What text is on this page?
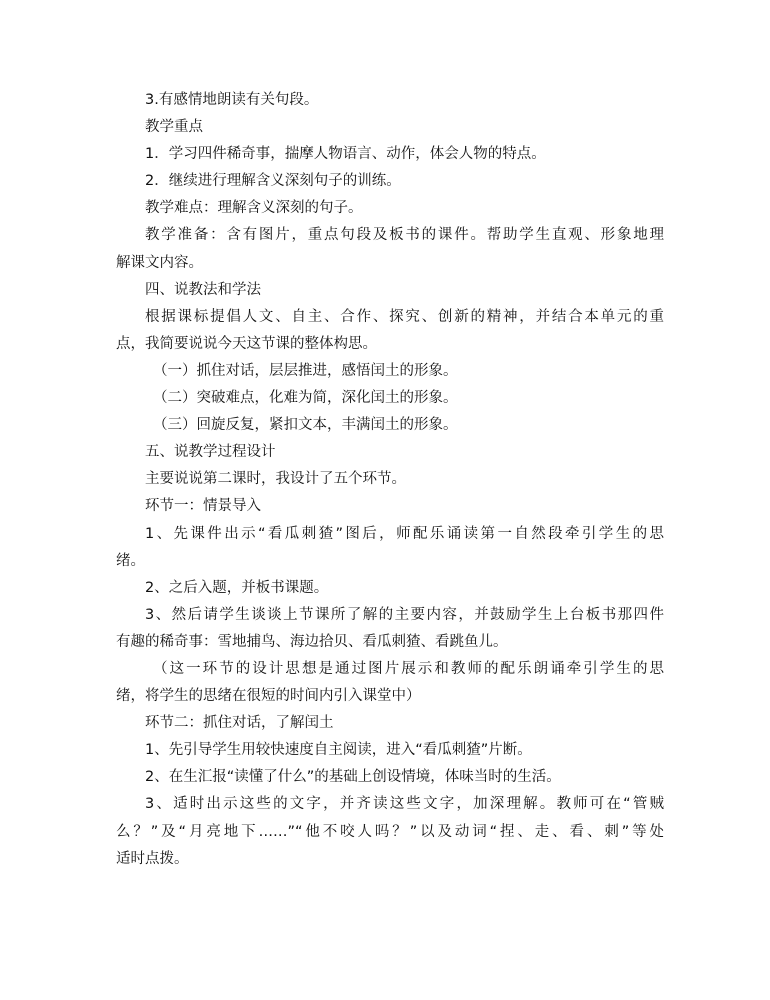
3.有感情地朗读有关句段。
教学重点
1．学习四件稀奇事，揣摩人物语言、动作，体会人物的特点。
2．继续进行理解含义深刻句子的训练。
教学难点：理解含义深刻的句子。
教学准备：含有图片，重点句段及板书的课件。帮助学生直观、形象地理
解课文内容。
四、说教法和学法
根据课标提倡人文、自主、合作、探究、创新的精神，并结合本单元的重
点，我简要说说今天这节课的整体构思。
（一）抓住对话，层层推进，感悟闰土的形象。
（二）突破难点，化难为简，深化闰土的形象。
（三）回旋反复，紧扣文本，丰满闰土的形象。
五、说教学过程设计
主要说说第二课时，我设计了五个环节。
环节一：情景导入
1、先课件出示“看瓜刺猹”图后，师配乐诵读第一自然段牵引学生的思
绪。
2、之后入题，并板书课题。
3、然后请学生谈谈上节课所了解的主要内容，并鼓励学生上台板书那四件
有趣的稀奇事：雪地捕鸟、海边拾贝、看瓜刺猹、看跳鱼儿。
（这一环节的设计思想是通过图片展示和教师的配乐朗诵牵引学生的思
绪，将学生的思绪在很短的时间内引入课堂中）
环节二：抓住对话，了解闰土
1、先引导学生用较快速度自主阅读，进入“看瓜刺猹”片断。
2、在生汇报“读懂了什么”的基础上创设情境，体味当时的生活。
3、适时出示这些的文字，并齐读这些文字，加深理解。教师可在“管贼
么？”及“月亮地下……”“他不咬人吗？”以及动词“捏、走、看、刺”等处
适时点拨。
